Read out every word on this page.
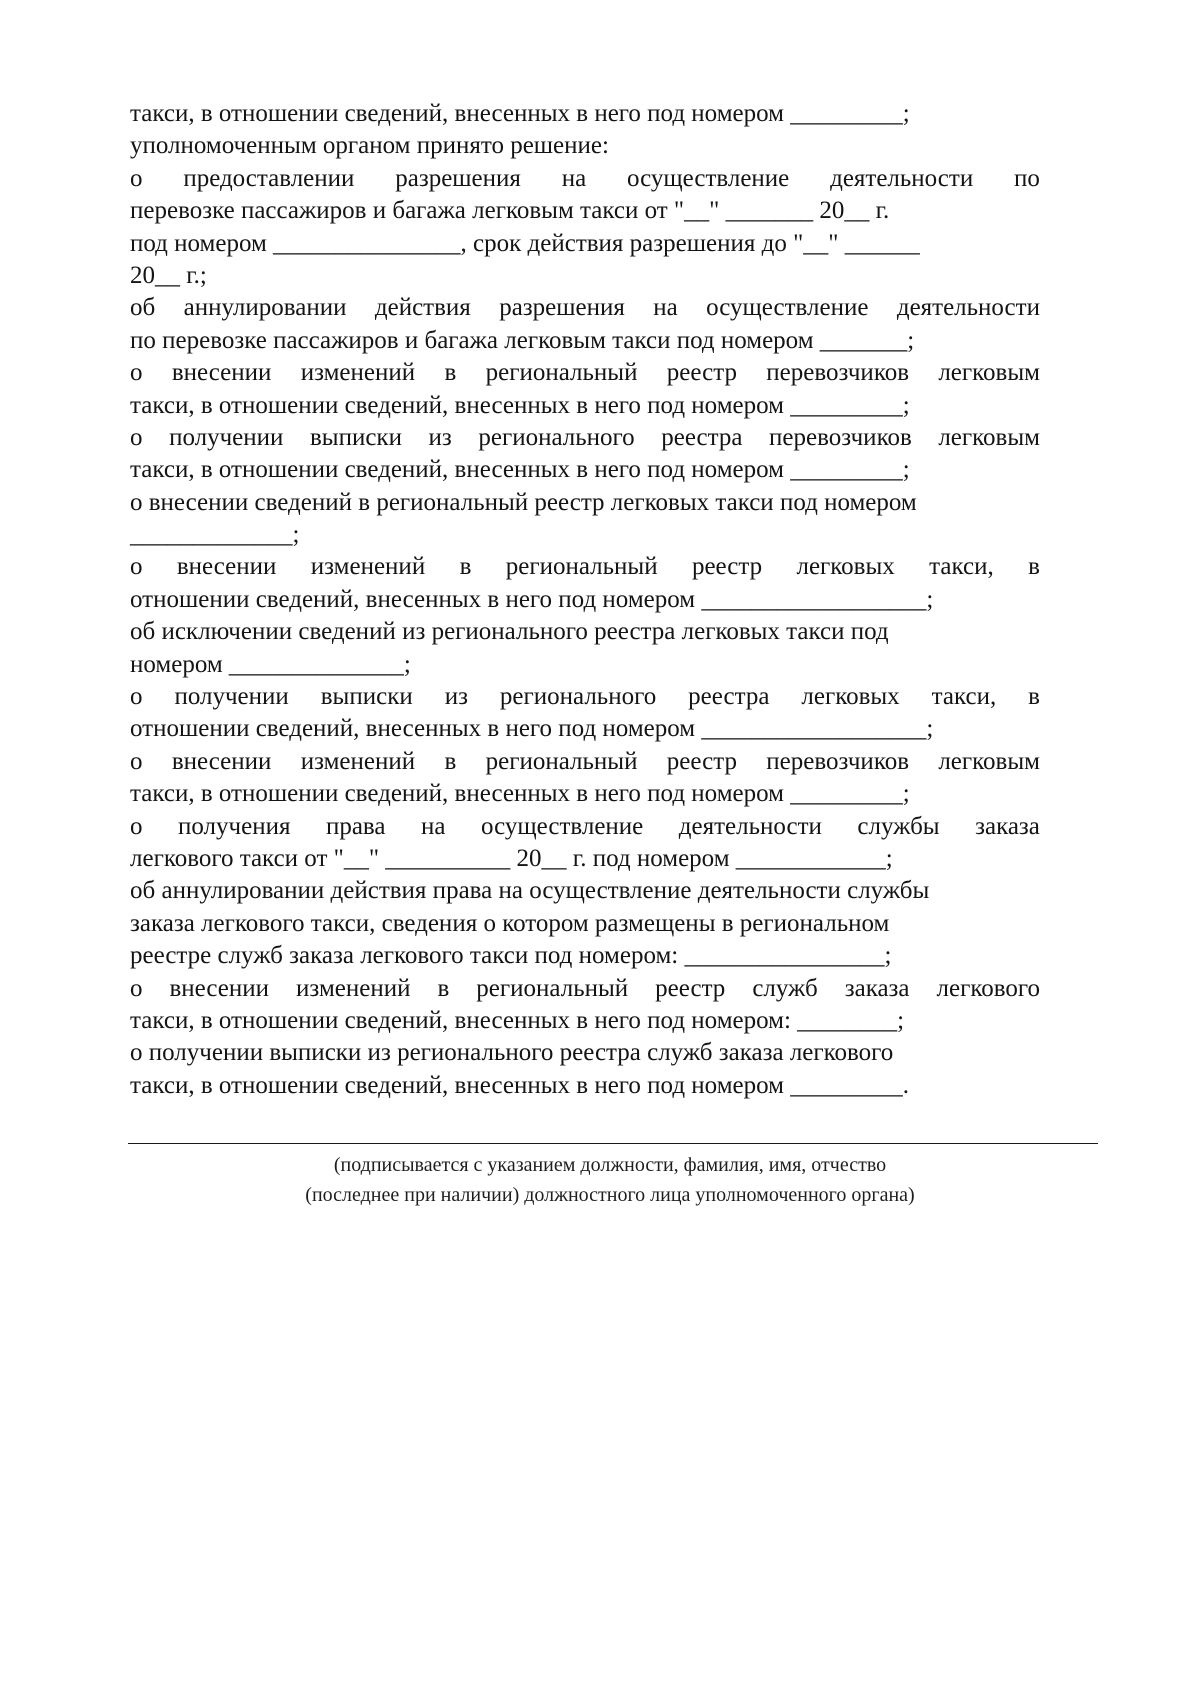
такси, в отношении сведений, внесенных в него под номером _________;
уполномоченным органом принято решение:
о предоставлении разрешения на осуществление деятельности по
перевозке пассажиров и багажа легковым такси от "__" _______ 20__ г.
под номером _______________, срок действия разрешения до "__" ______
20__ г.;
об аннулировании действия разрешения на осуществление деятельности
по перевозке пассажиров и багажа легковым такси под номером _______;
о внесении изменений в региональный реестр перевозчиков легковым
такси, в отношении сведений, внесенных в него под номером _________;
о получении выписки из регионального реестра перевозчиков легковым
такси, в отношении сведений, внесенных в него под номером _________;
о внесении сведений в региональный реестр легковых такси под номером
_____________;
о внесении изменений в региональный реестр легковых такси, в
отношении сведений, внесенных в него под номером __________________;
об исключении сведений из регионального реестра легковых такси под
номером ______________;
о получении выписки из регионального реестра легковых такси, в
отношении сведений, внесенных в него под номером __________________;
о внесении изменений в региональный реестр перевозчиков легковым
такси, в отношении сведений, внесенных в него под номером _________;
о получения права на осуществление деятельности службы заказа
легкового такси от "__" __________ 20__ г. под номером ____________;
об аннулировании действия права на осуществление деятельности службы
заказа легкового такси, сведения о котором размещены в региональном
реестре служб заказа легкового такси под номером: ________________;
о внесении изменений в региональный реестр служб заказа легкового
такси, в отношении сведений, внесенных в него под номером: ________;
о получении выписки из регионального реестра служб заказа легкового
такси, в отношении сведений, внесенных в него под номером _________.
(подписывается с указанием должности, фамилия, имя, отчество
(последнее при наличии) должностного лица уполномоченного органа)
